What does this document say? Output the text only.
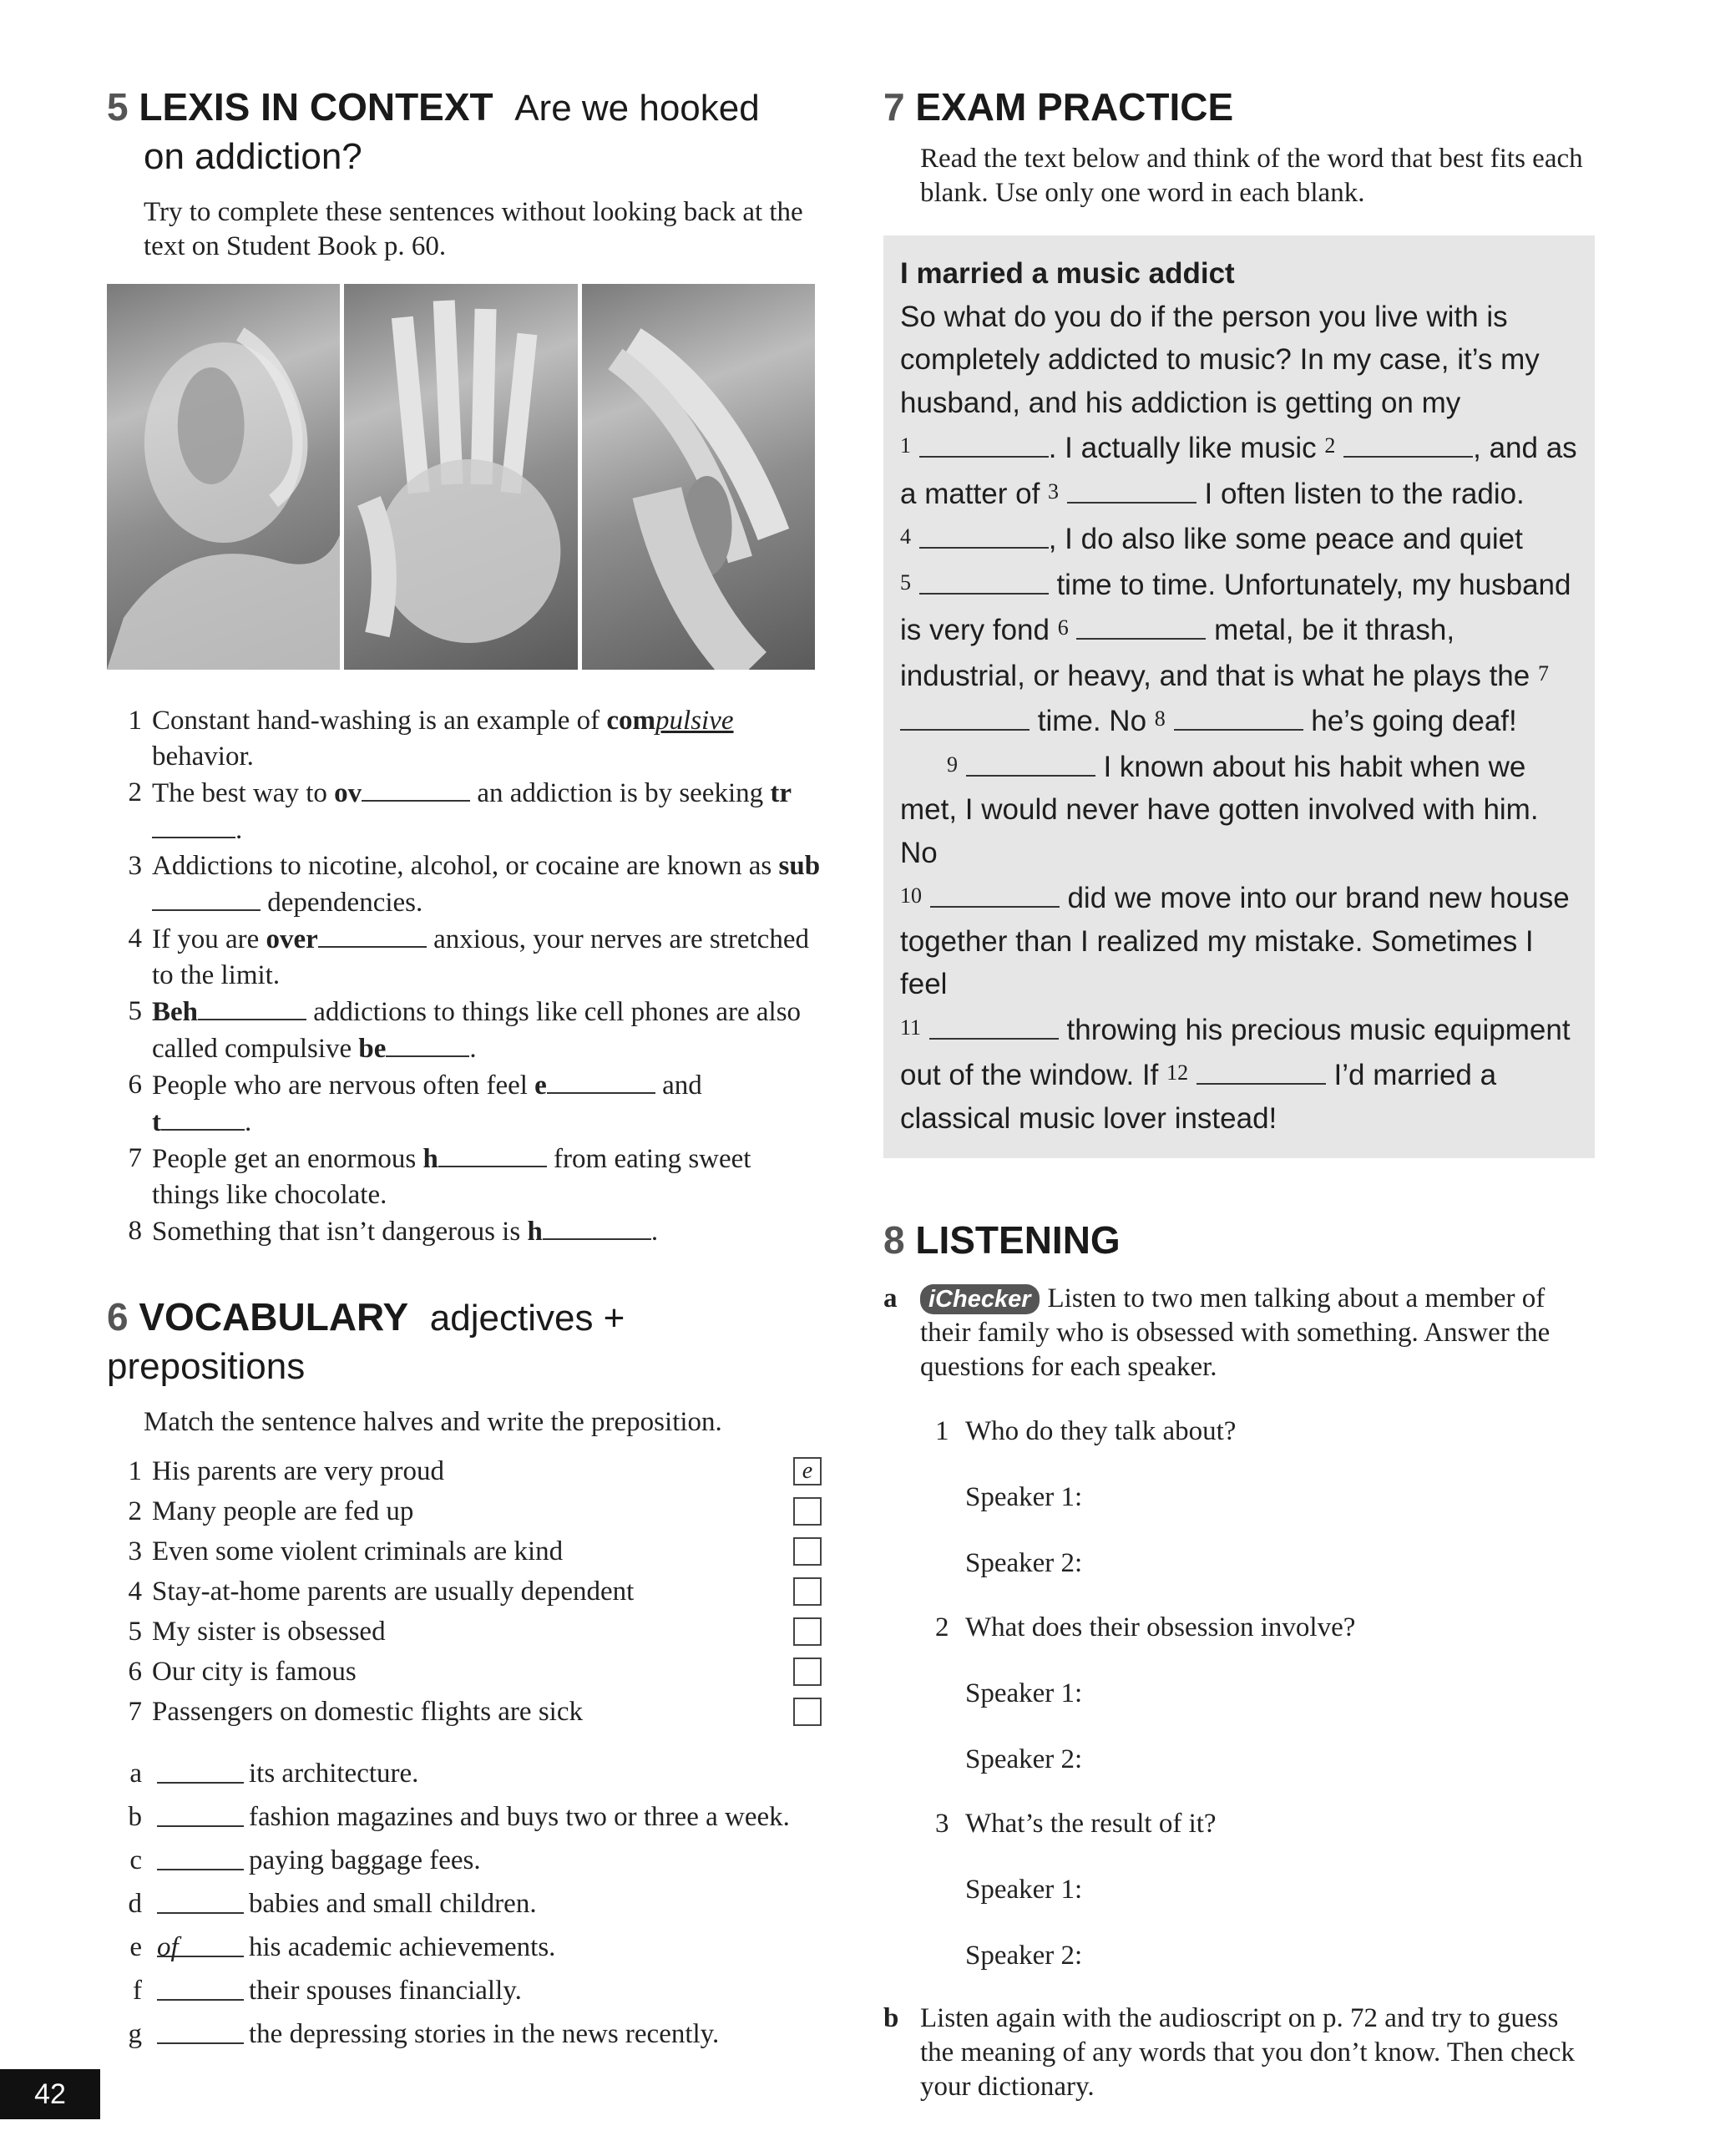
5 LEXIS IN CONTEXT Are we hooked
on addiction?
Try to complete these sentences without looking back at the text on Student Book p. 60.
1 Constant hand-washing is an example of compulsive behavior.
2 The best way to ov	an addiction is by seeking tr.
3 Addictions to nicotine, alcohol, or cocaine are known as sub dependencies.
4 If you are over	anxious, your nerves are stretched to the limit.
5 Beh	addictions to things like cell phones are also called compulsive be	.
6 People who are nervous often feel e	and
t	.
7 People get an enormous h	from eating sweet things like chocolate.
8 Something that isn’t dangerous is h	.
6 VOCABULARY adjectives + prepositions
Match the sentence halves and write the preposition.
1 His parents are very proud	e
2 Many people are fed up
3 Even some violent criminals are kind
4 Stay-at-home parents are usually dependent
5 My sister is obsessed
6 Our city is famous
7 Passengers on domestic flights are sick
a	its architecture.
b	fashion magazines and buys two or three a week.
c	paying baggage fees.
d	babies and small children.
e of	his academic achievements.
f	their spouses financially.
g	the depressing stories in the news recently.
7 EXAM PRACTICE
Read the text below and think of the word that best fits each blank. Use only one word in each blank.
I married a music addict
So what do you do if the person you live with is completely addicted to music? In my case, it’s my husband, and his addiction is getting on my
$^1$	. I actually like music $^2$	, and as a matter of $^3$	I often listen to the radio.
$^4$	, I do also like some peace and quiet
$^5$	time to time. Unfortunately, my husband is very fond $^6$	metal, be it thrash, industrial, or heavy, and that is what he plays the $^7$  time. No $^8$	he’s going deaf!
$^9$	I known about his habit when we met, I would never have gotten involved with him. No
$^{10}$	did we move into our brand new house together than I realized my mistake. Sometimes I feel
$^{11}$	throwing his precious music equipment out of the window. If $^{12}$	I’d married a classical music lover instead!
8 LISTENING
a	iChecker Listen to two men talking about a member of their family who is obsessed with something. Answer the questions for each speaker.
1 Who do they talk about?
Speaker 1:
Speaker 2:
2 What does their obsession involve?
Speaker 1:
Speaker 2:
3 What’s the result of it?
Speaker 1:
Speaker 2:
b Listen again with the audioscript on p. 72 and try to guess the meaning of any words that you don’t know. Then check your dictionary.
42
